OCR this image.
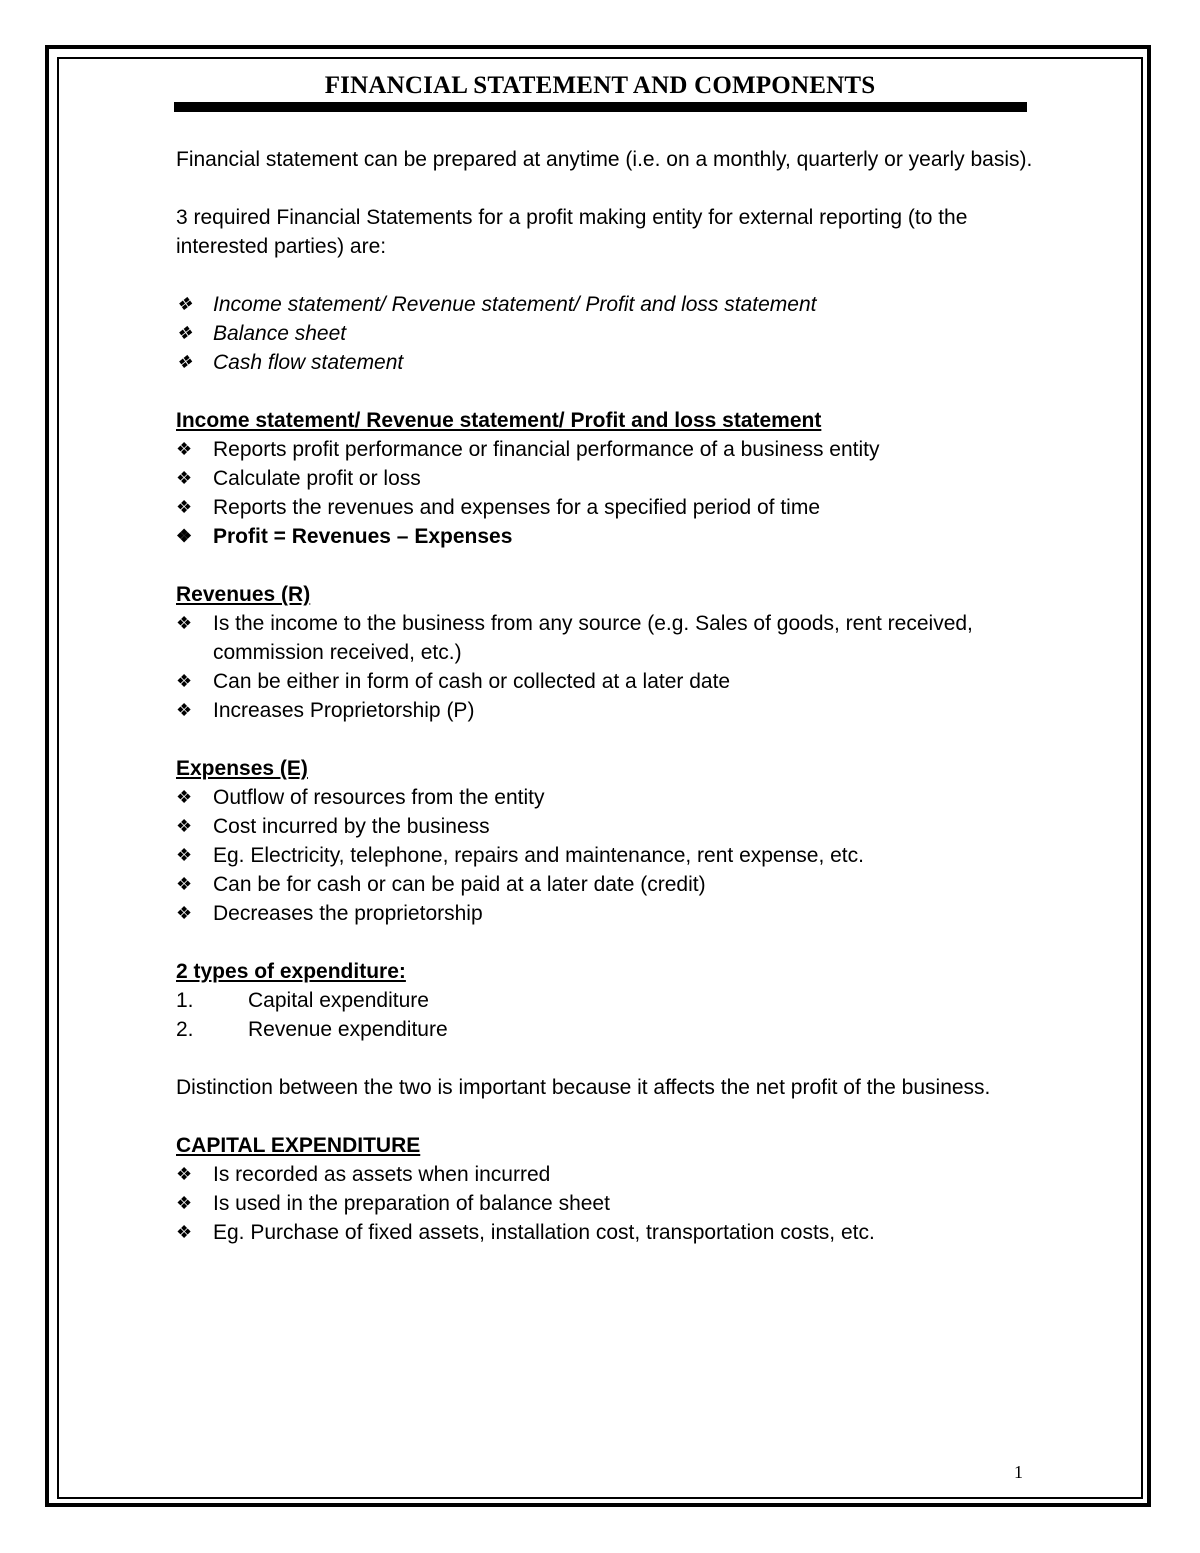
FINANCIAL STATEMENT AND COMPONENTS

Financial statement can be prepared at anytime (i.e. on a monthly, quarterly or yearly basis).

3 required Financial Statements for a profit making entity for external reporting (to the interested parties) are:

❖ Income statement/ Revenue statement/ Profit and loss statement
❖ Balance sheet
❖ Cash flow statement

Income statement/ Revenue statement/ Profit and loss statement

❖ Reports profit performance or financial performance of a business entity
❖ Calculate profit or loss
❖ Reports the revenues and expenses for a specified period of time
❖ Profit = Revenues – Expenses

Revenues (R)

❖ Is the income to the business from any source (e.g. Sales of goods, rent received, commission received, etc.)
❖ Can be either in form of cash or collected at a later date
❖ Increases Proprietorship (P)

Expenses (E)

❖ Outflow of resources from the entity
❖ Cost incurred by the business
❖ Eg. Electricity, telephone, repairs and maintenance, rent expense, etc.
❖ Can be for cash or can be paid at a later date (credit)
❖ Decreases the proprietorship

2 types of expenditure:

1.	Capital expenditure
2.	Revenue expenditure

Distinction between the two is important because it affects the net profit of the business.

CAPITAL EXPENDITURE

❖ Is recorded as assets when incurred
❖ Is used in the preparation of balance sheet
❖ Eg. Purchase of fixed assets, installation cost, transportation costs, etc.
1
